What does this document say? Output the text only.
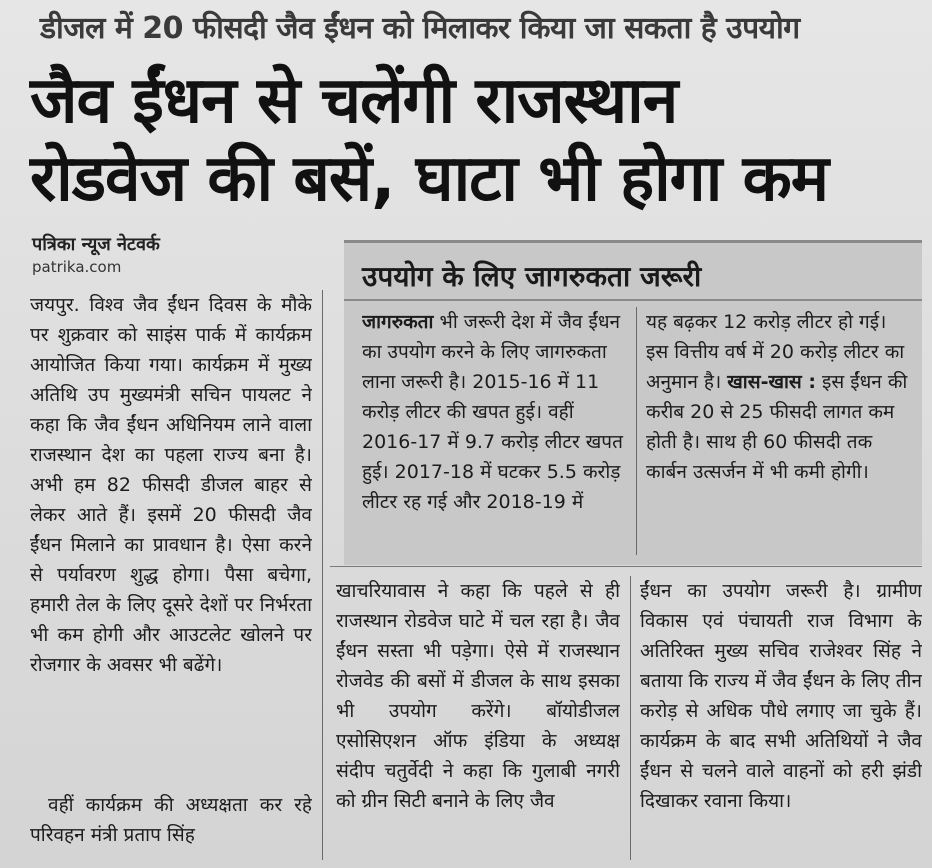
डीजल में 20 फीसदी जैव ईंधन को मिलाकर किया जा सकता है उपयोग
जैव ईंधन से चलेंगी राजस्थान
रोडवेज की बसें, घाटा भी होगा कम
पत्रिका न्यूज नेटवर्क
patrika.com
जयपुर. विश्व जैव ईंधन दिवस के मौके पर शुक्रवार को साइंस पार्क में कार्यक्रम आयोजित किया गया। कार्यक्रम में मुख्य अतिथि उप मुख्यमंत्री सचिन पायलट ने कहा कि जैव ईंधन अधिनियम लाने वाला राजस्थान देश का पहला राज्य बना है। अभी हम 82 फीसदी डीजल बाहर से लेकर आते हैं। इसमें 20 फीसदी जैव ईंधन मिलाने का प्रावधान है। ऐसा करने से पर्यावरण शुद्ध होगा। पैसा बचेगा, हमारी तेल के लिए दूसरे देशों पर निर्भरता भी कम होगी और आउटलेट खोलने पर रोजगार के अवसर भी बढेंगे।
वहीं कार्यक्रम की अध्यक्षता कर रहे परिवहन मंत्री प्रताप सिंह
उपयोग के लिए जागरुकता जरूरी
जागरुकता भी जरूरी देश में जैव ईंधन का उपयोग करने के लिए जागरुकता लाना जरूरी है। 2015-16 में 11 करोड़ लीटर की खपत हुई। वहीं 2016-17 में 9.7 करोड़ लीटर खपत हुई। 2017-18 में घटकर 5.5 करोड़ लीटर रह गई और 2018-19 में
यह बढ़कर 12 करोड़ लीटर हो गई। इस वित्तीय वर्ष में 20 करोड़ लीटर का अनुमान है। खास-खास : इस ईंधन की करीब 20 से 25 फीसदी लागत कम होती है। साथ ही 60 फीसदी तक कार्बन उत्सर्जन में भी कमी होगी।
खाचरियावास ने कहा कि पहले से ही राजस्थान रोडवेज घाटे में चल रहा है। जैव ईंधन सस्ता भी पड़ेगा। ऐसे में राजस्थान रोजवेड की बसों में डीजल के साथ इसका भी उपयोग करेंगे। बॉयोडीजल एसोसिएशन ऑफ इंडिया के अध्यक्ष संदीप चतुर्वेदी ने कहा कि गुलाबी नगरी को ग्रीन सिटी बनाने के लिए जैव
ईंधन का उपयोग जरूरी है। ग्रामीण विकास एवं पंचायती राज विभाग के अतिरिक्त मुख्य सचिव राजेश्वर सिंह ने बताया कि राज्य में जैव ईंधन के लिए तीन करोड़ से अधिक पौधे लगाए जा चुके हैं। कार्यक्रम के बाद सभी अतिथियों ने जैव ईंधन से चलने वाले वाहनों को हरी झंडी दिखाकर रवाना किया।
